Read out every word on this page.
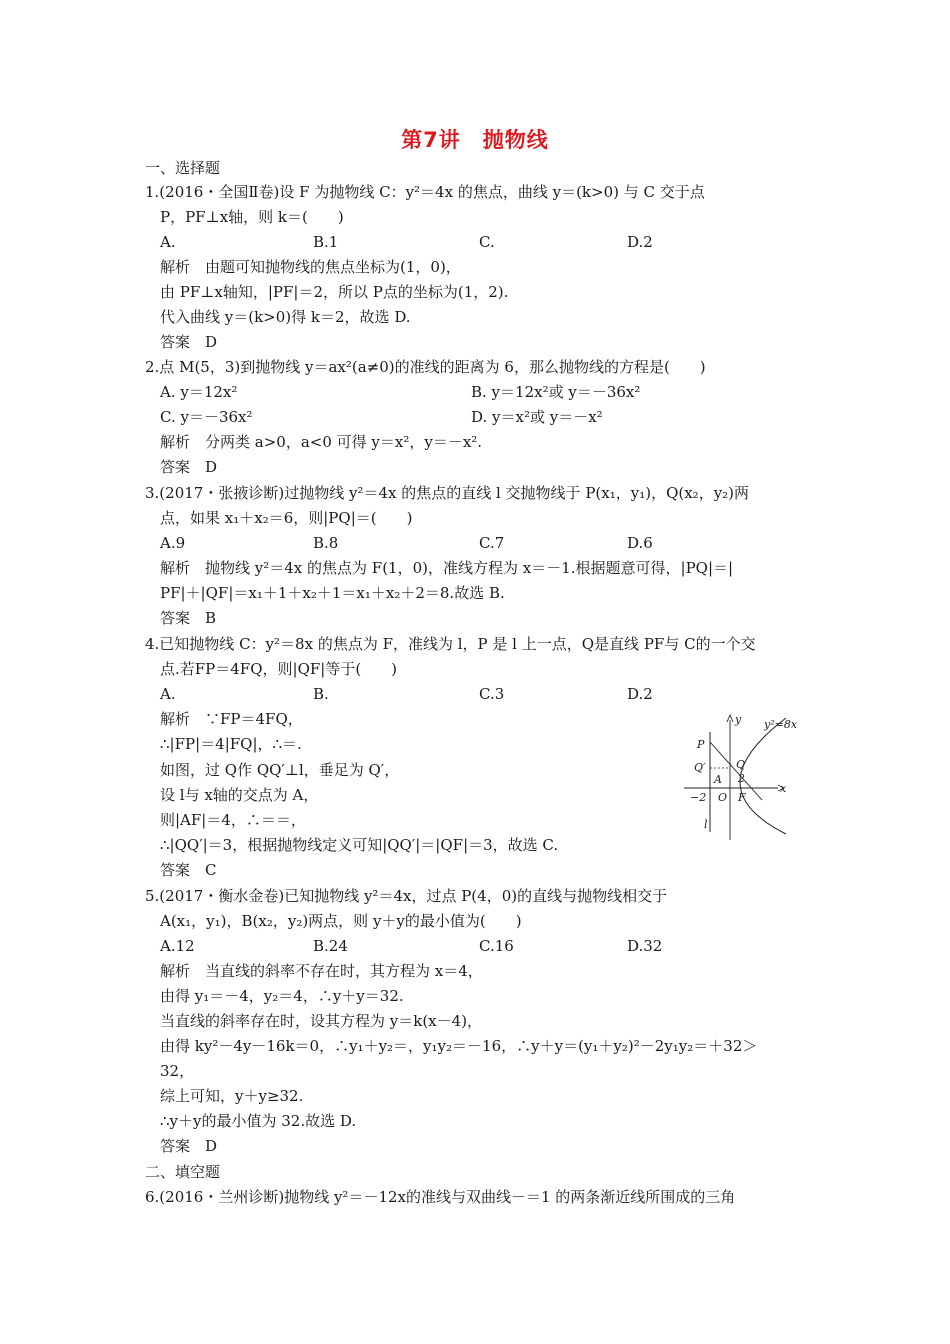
第7讲　抛物线
一、选择题
1.(2016・全国Ⅱ卷)设 F 为抛物线 C：y²＝4x 的焦点，曲线 y＝(k>0) 与 C 交于点
P，PF⊥x轴，则 k＝(　　)
A.	B.1	C.	D.2
解析　由题可知抛物线的焦点坐标为(1，0)，
由 PF⊥x轴知，|PF|＝2，所以 P点的坐标为(1，2).
代入曲线 y＝(k>0)得 k＝2，故选 D.
答案　D
2.点 M(5，3)到抛物线 y＝ax²(a≠0)的准线的距离为 6，那么抛物线的方程是(　　)
A. y＝12x²	B. y＝12x²或 y＝－36x²
C. y＝－36x²	D. y＝x²或 y＝－x²
解析　分两类 a>0，a<0 可得 y＝x²，y＝－x².
答案　D
3.(2017・张掖诊断)过抛物线 y²＝4x 的焦点的直线 l 交抛物线于 P(x₁，y₁)，Q(x₂，y₂)两
点，如果 x₁＋x₂＝6，则|PQ|＝(　　)
A.9	B.8	C.7	D.6
解析　抛物线 y²＝4x 的焦点为 F(1，0)，准线方程为 x＝－1.根据题意可得，|PQ|＝|
PF|＋|QF|＝x₁＋1＋x₂＋1＝x₁＋x₂＋2＝8.故选 B.
答案　B
4.已知抛物线 C：y²＝8x 的焦点为 F，准线为 l，P 是 l 上一点，Q是直线 PF与 C的一个交
点.若FP＝4FQ，则|QF|等于(　　)
A.	B.	C.3	D.2
解析　∵FP＝4FQ，
∴|FP|＝4|FQ|，∴＝.
如图，过 Q作 QQ′⊥l，垂足为 Q′，
设 l与 x轴的交点为 A，
则|AF|＝4，∴＝＝，
∴|QQ′|＝3，根据抛物线定义可知|QQ′|＝|QF|＝3，故选 C.
答案　C
y²=8x
y
x
P
Q′	Q
A 2
−2 O F
l
5.(2017・衡水金卷)已知抛物线 y²＝4x，过点 P(4，0)的直线与抛物线相交于
A(x₁，y₁)，B(x₂，y₂)两点，则 y＋y的最小值为(　　)
A.12	B.24	C.16	D.32
解析　当直线的斜率不存在时，其方程为 x＝4，
由得 y₁＝－4，y₂＝4，∴y＋y＝32.
当直线的斜率存在时，设其方程为 y＝k(x－4)，
由得 ky²－4y－16k＝0，∴y₁＋y₂＝，y₁y₂＝－16，∴y＋y＝(y₁＋y₂)²－2y₁y₂＝＋32＞
32，
综上可知，y＋y≥32.
∴y＋y的最小值为 32.故选 D.
答案　D
二、填空题
6.(2016・兰州诊断)抛物线 y²＝－12x的准线与双曲线－＝1 的两条渐近线所围成的三角
